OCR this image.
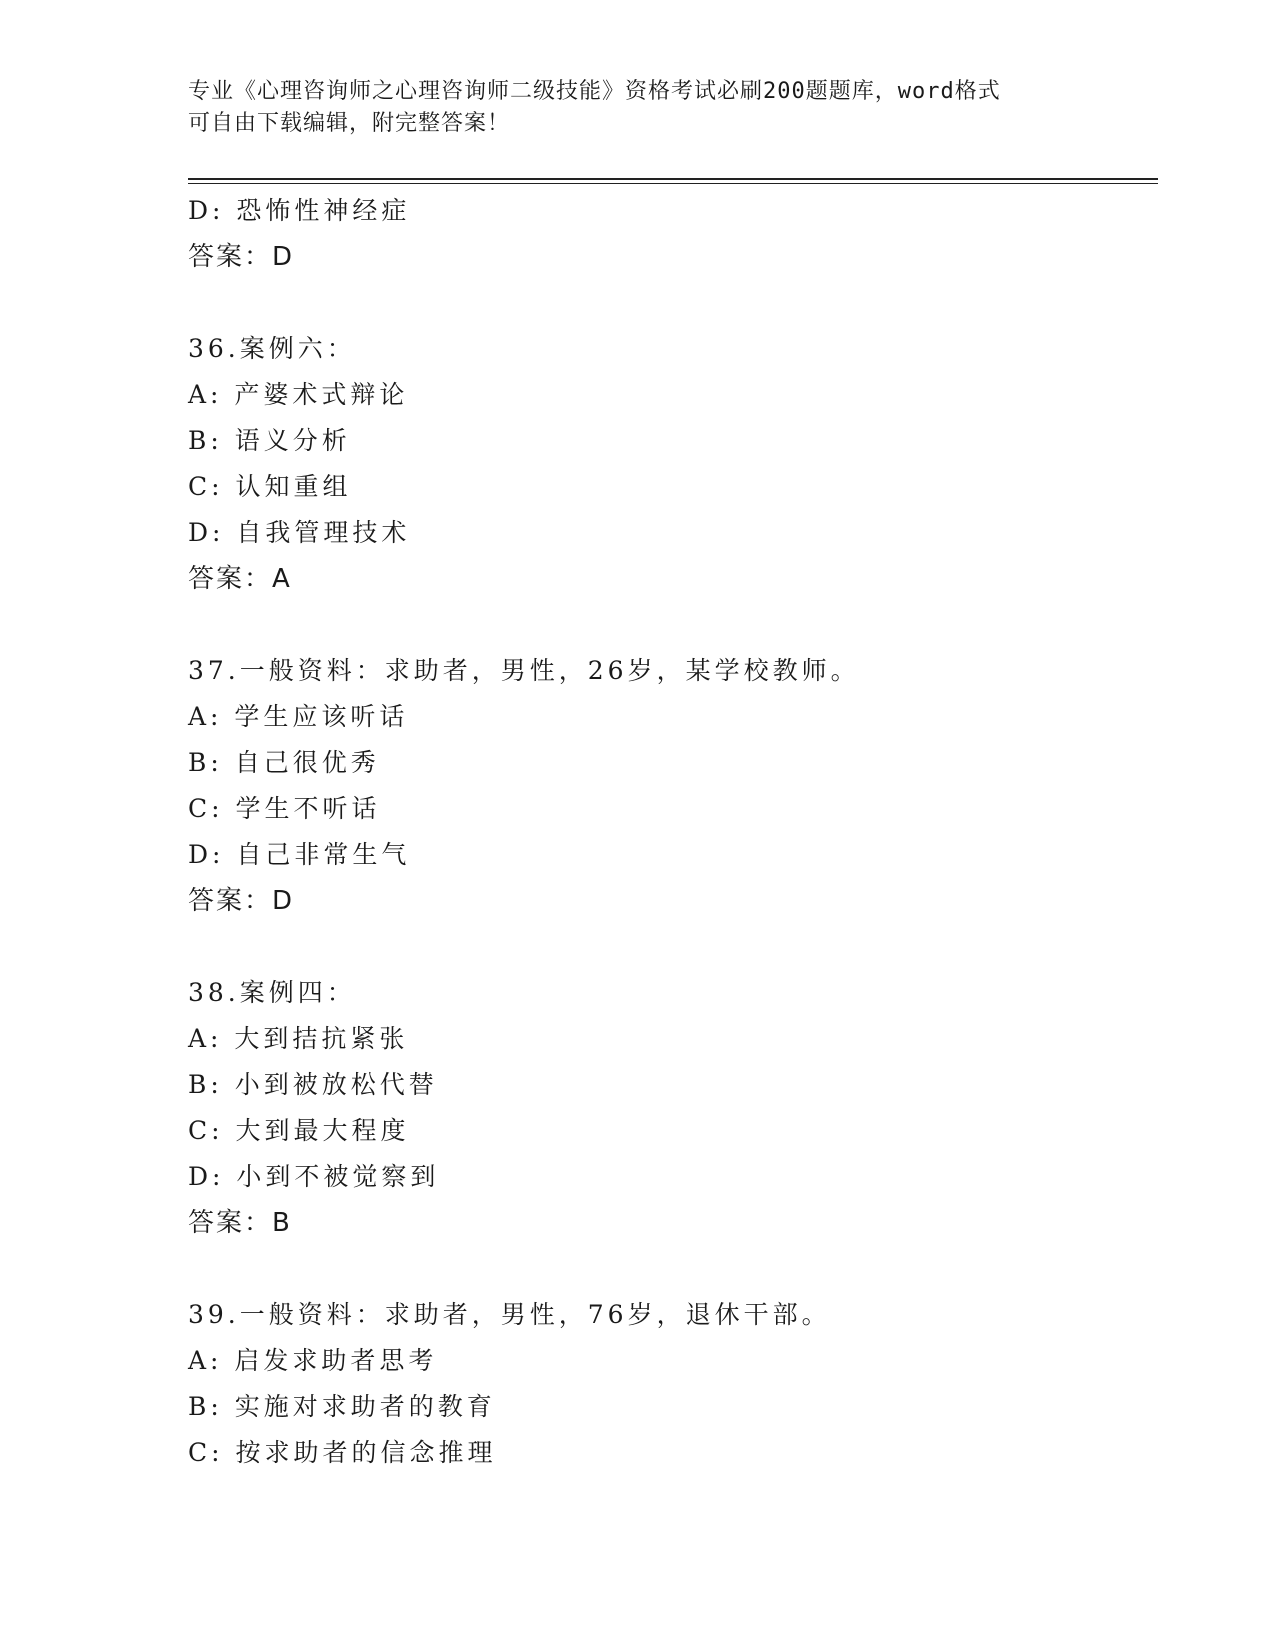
专业《心理咨询师之心理咨询师二级技能》资格考试必刷200题题库，word格式
可自由下载编辑，附完整答案！
D: 恐怖性神经症
答案：D
36.案例六：
A: 产婆术式辩论
B: 语义分析
C: 认知重组
D: 自我管理技术
答案：A
37.一般资料：求助者，男性，26岁，某学校教师。
A: 学生应该听话
B: 自己很优秀
C: 学生不听话
D: 自己非常生气
答案：D
38.案例四：
A: 大到拮抗紧张
B: 小到被放松代替
C: 大到最大程度
D: 小到不被觉察到
答案：B
39.一般资料：求助者，男性，76岁，退休干部。
A: 启发求助者思考
B: 实施对求助者的教育
C: 按求助者的信念推理
